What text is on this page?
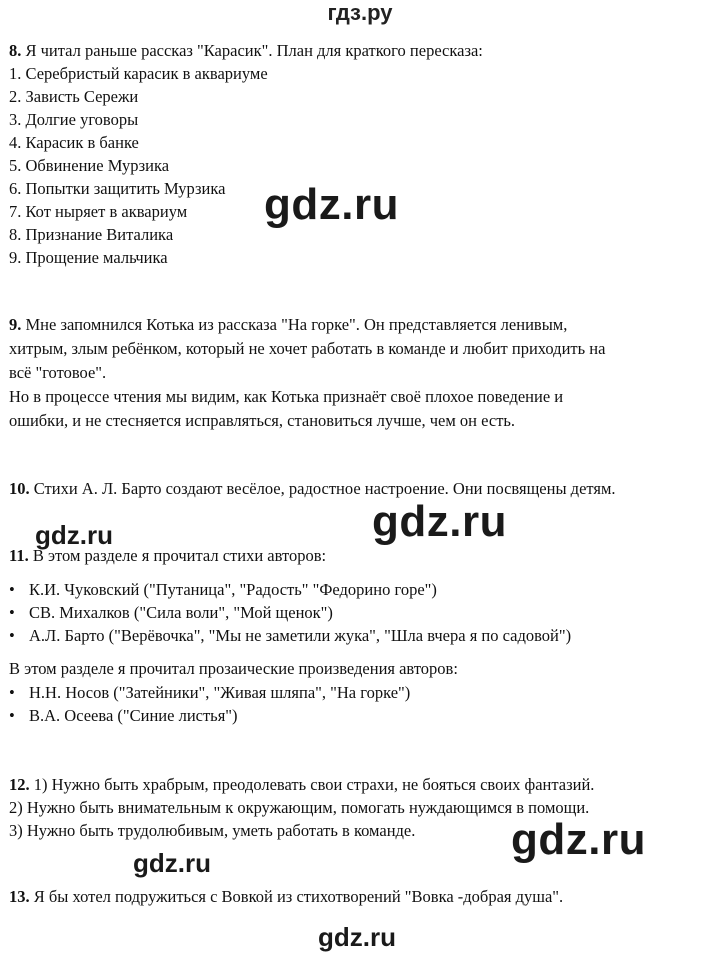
гдз.ру
8. Я читал раньше рассказ "Карасик". План для краткого пересказа:
1. Серебристый карасик в аквариуме
2. Зависть Сережи
3. Долгие уговоры
4. Карасик в банке
5. Обвинение Мурзика
6. Попытки защитить Мурзика
7. Кот ныряет в аквариум
8. Признание Виталика
9. Прощение мальчика
9. Мне запомнился Котька из рассказа "На горке". Он представляется ленивым,
хитрым, злым ребёнком, который не хочет работать в команде и любит приходить на
всё "готовое".
Но в процессе чтения мы видим, как Котька признаёт своё плохое поведение и
ошибки, и не стесняется исправляться, становиться лучше, чем он есть.
10. Стихи А. Л. Барто создают весёлое, радостное настроение. Они посвящены детям.
11. В этом разделе я прочитал стихи авторов:
• К.И. Чуковский ("Путаница", "Радость" "Федорино горе")
• СВ. Михалков ("Сила воли", "Мой щенок")
• А.Л. Барто ("Верёвочка", "Мы не заметили жука", "Шла вчера я по садовой")
В этом разделе я прочитал прозаические произведения авторов:
• Н.Н. Носов ("Затейники", "Живая шляпа", "На горке")
• В.А. Осеева ("Синие листья")
12. 1) Нужно быть храбрым, преодолевать свои страхи, не бояться своих фантазий.
2) Нужно быть внимательным к окружающим, помогать нуждающимся в помощи.
3) Нужно быть трудолюбивым, уметь работать в команде.
13. Я бы хотел подружиться с Вовкой из стихотворений "Вовка -добрая душа".
gdz.ru
gdz.ru	gdz.ru
gdz.ru
gdz.ru
gdz.ru
